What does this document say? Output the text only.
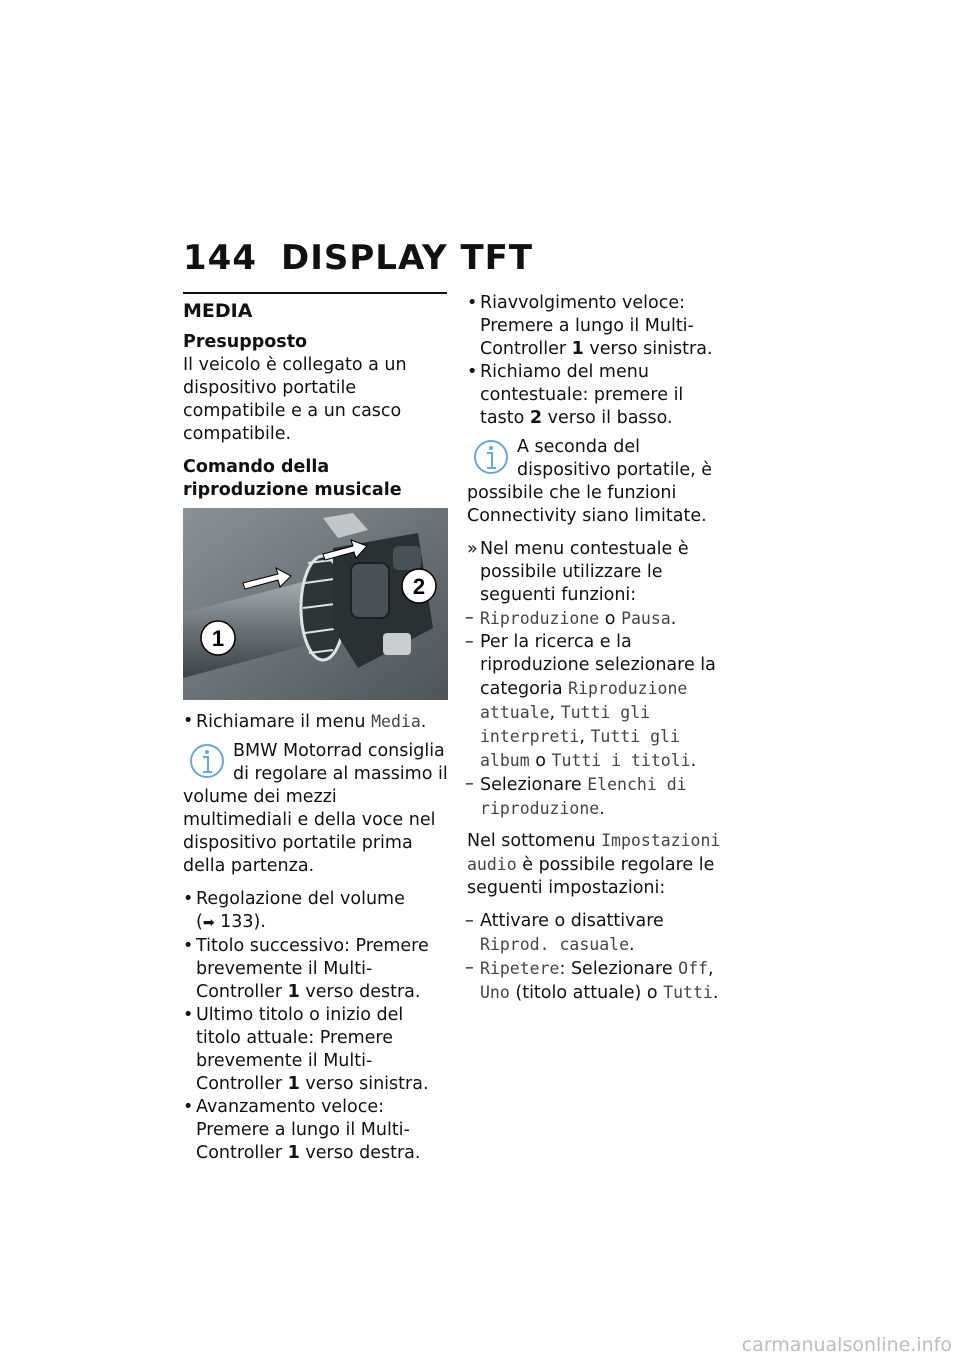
144 DISPLAY TFT
MEDIA
Presupposto

Il veicolo è collegato a un dispositivo portatile compatibile e a un casco compatibile.

Comando della riproduzione musicale
1
2
• Richiamare il menu Media.
BMW Motorrad consiglia di regolare al massimo il volume dei mezzi multimediali e della voce nel dispositivo portatile prima della partenza.
• Regolazione del volume
(➡ 133).
• Titolo successivo: Premere brevemente il Multi-Controller 1 verso destra.
• Ultimo titolo o inizio del titolo attuale: Premere brevemente il Multi-Controller 1 verso sinistra.
• Avanzamento veloce: Premere a lungo il Multi-Controller 1 verso destra.
• Riavvolgimento veloce: Premere a lungo il Multi-Controller 1 verso sinistra.
• Richiamo del menu contestuale: premere il tasto 2 verso il basso.
A seconda del dispositivo portatile, è possibile che le funzioni Connectivity siano limitate.
» Nel menu contestuale è possibile utilizzare le seguenti funzioni:
– Riproduzione o Pausa.
– Per la ricerca e la riproduzione selezionare la categoria Riproduzione attuale, Tutti gli interpreti, Tutti gli album o Tutti i titoli.
– Selezionare Elenchi di riproduzione.

Nel sottomenu Impostazioni audio è possibile regolare le seguenti impostazioni:

– Attivare o disattivare Riprod. casuale.
– Ripetere: Selezionare Off, Uno (titolo attuale) o Tutti.
carmanualsonline.info
